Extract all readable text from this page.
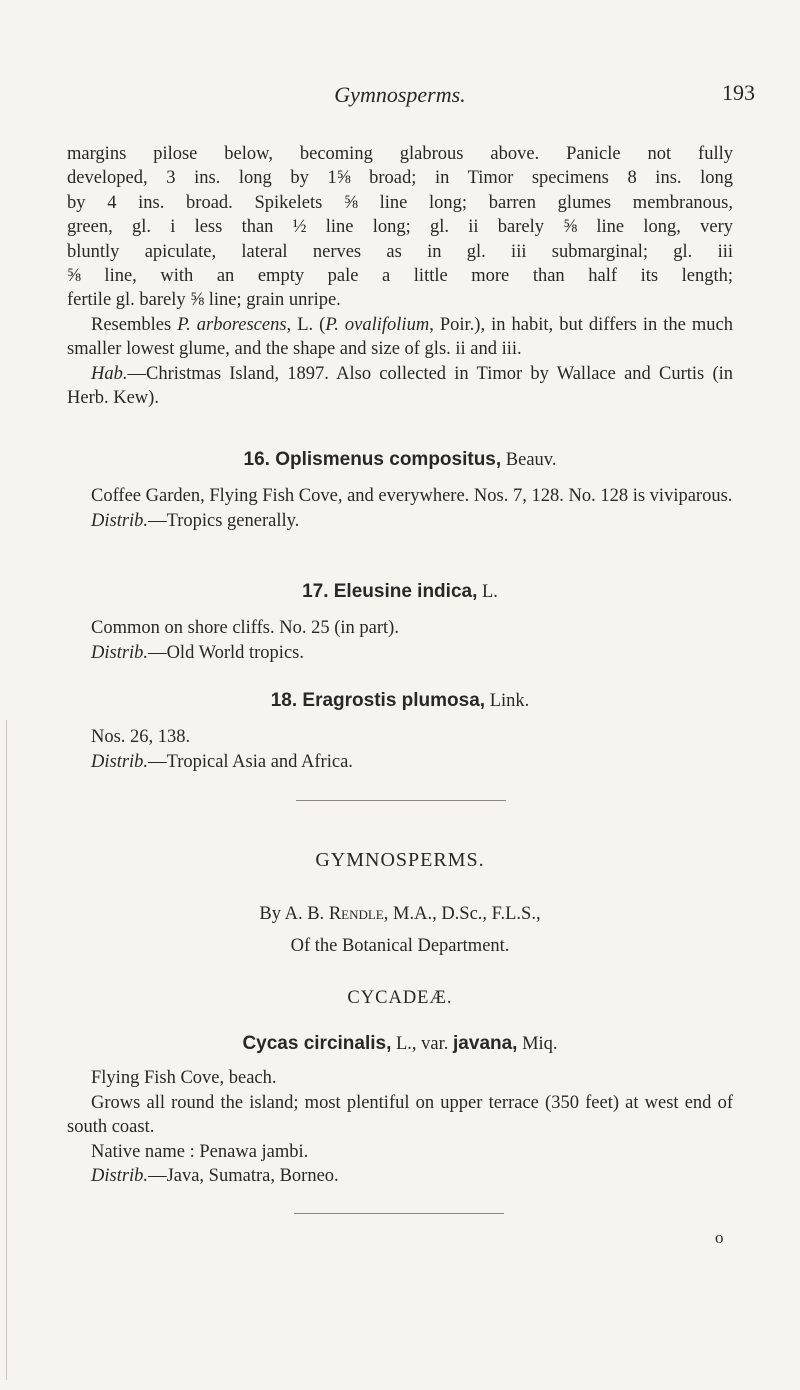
Gymnosperms.	193
margins pilose below, becoming glabrous above. Panicle not fully
developed, 3 ins. long by 1⅝ broad; in Timor specimens 8 ins. long
by 4 ins. broad. Spikelets ⅝ line long; barren glumes membranous,
green, gl. i less than ½ line long; gl. ii barely ⅝ line long, very
bluntly apiculate, lateral nerves as in gl. iii submarginal; gl. iii
⅝ line, with an empty pale a little more than half its length;
fertile gl. barely ⅝ line; grain unripe.

Resembles P. arborescens, L. (P. ovalifolium, Poir.), in habit, but differs in the much smaller lowest glume, and the shape and size of gls. ii and iii.

Hab.—Christmas Island, 1897. Also collected in Timor by Wallace and Curtis (in Herb. Kew).

16. Oplismenus compositus, Beauv.

Coffee Garden, Flying Fish Cove, and everywhere. Nos. 7, 128. No. 128 is viviparous.

Distrib.—Tropics generally.

17. Eleusine indica, L.

Common on shore cliffs. No. 25 (in part).

Distrib.—Old World tropics.

18. Eragrostis plumosa, Link.

Nos. 26, 138.

Distrib.—Tropical Asia and Africa.

GYMNOSPERMS.
By A. B. Rendle, M.A., D.Sc., F.L.S.,
Of the Botanical Department.
CYCADEÆ.

Cycas circinalis, L., var. javana, Miq.

Flying Fish Cove, beach.

Grows all round the island; most plentiful on upper terrace (350 feet) at west end of south coast.

Native name : Penawa jambi.

Distrib.—Java, Sumatra, Borneo.

o
